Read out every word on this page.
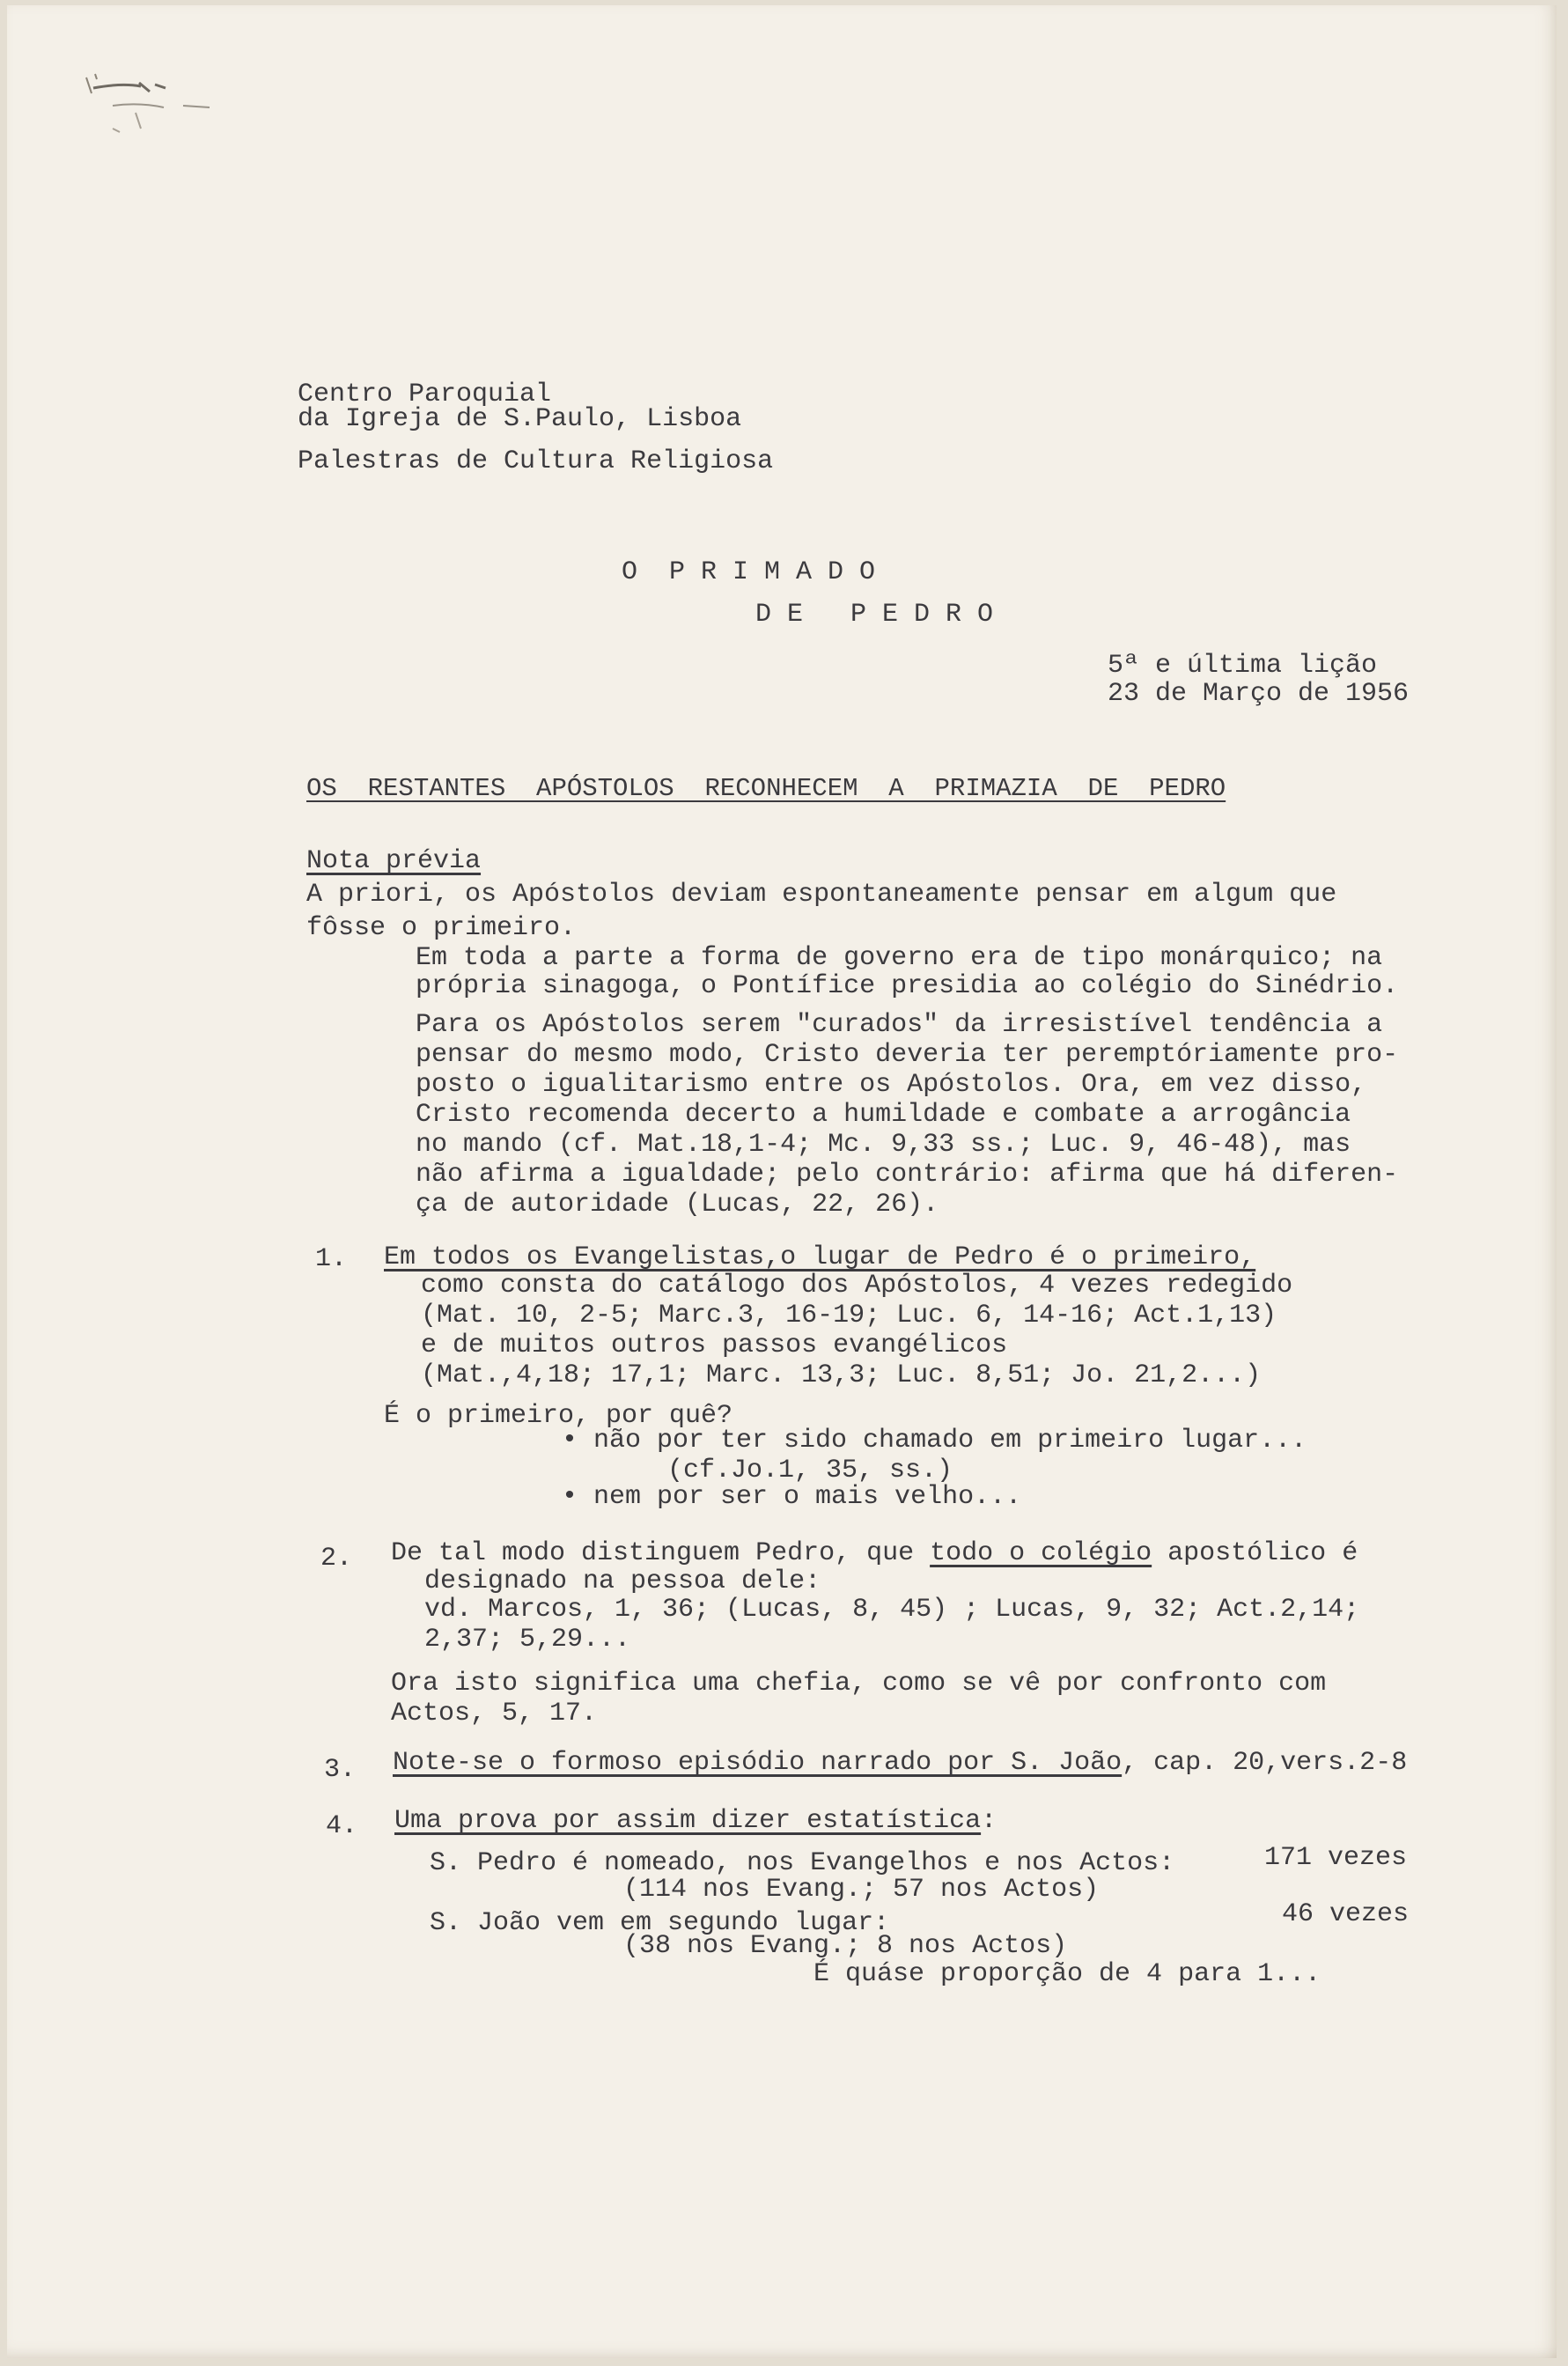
Centro Paroquial

da Igreja de S.Paulo, Lisboa

Palestras de Cultura Religiosa

O  P R I M A D O

D E   P E D R O

5ª e última lição

23 de Março de 1956

OS  RESTANTES  APÓSTOLOS  RECONHECEM  A  PRIMAZIA  DE  PEDRO

Nota prévia

A priori, os Apóstolos deviam espontaneamente pensar em algum que

fôsse o primeiro.

Em toda a parte a forma de governo era de tipo monárquico; na

própria sinagoga, o Pontífice presidia ao colégio do Sinédrio.

Para os Apóstolos serem "curados" da irresistível tendência a

pensar do mesmo modo, Cristo deveria ter peremptóriamente pro-

posto o igualitarismo entre os Apóstolos. Ora, em vez disso,

Cristo recomenda decerto a humildade e combate a arrogância

no mando (cf. Mat.18,1-4; Mc. 9,33 ss.; Luc. 9, 46-48), mas

não afirma a igualdade; pelo contrário: afirma que há diferen-

ça de autoridade (Lucas, 22, 26).

1. Em todos os Evangelistas,o lugar de Pedro é o primeiro,

como consta do catálogo dos Apóstolos, 4 vezes redegido

(Mat. 10, 2-5; Marc.3, 16-19; Luc. 6, 14-16; Act.1,13)

e de muitos outros passos evangélicos

(Mat.,4,18; 17,1; Marc. 13,3; Luc. 8,51; Jo. 21,2...)

É o primeiro, por quê?

• não por ter sido chamado em primeiro lugar...

(cf.Jo.1, 35, ss.)

• nem por ser o mais velho...

2. De tal modo distinguem Pedro, que todo o colégio apostólico é

designado na pessoa dele:

vd. Marcos, 1, 36; (Lucas, 8, 45) ; Lucas, 9, 32; Act.2,14;

2,37; 5,29...

Ora isto significa uma chefia, como se vê por confronto com

Actos, 5, 17.

3. Note-se o formoso episódio narrado por S. João, cap. 20,vers.2-8

4. Uma prova por assim dizer estatística:

S. Pedro é nomeado, nos Evangelhos e nos Actos:	171 vezes

(114 nos Evang.; 57 nos Actos)

S. João vem em segundo lugar:	46 vezes

(38 nos Evang.; 8 nos Actos)

É quáse proporção de 4 para 1...
